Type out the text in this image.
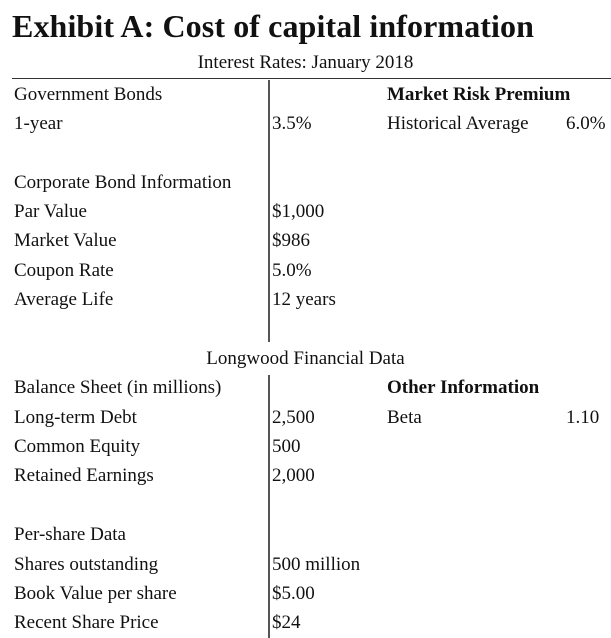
Exhibit A: Cost of capital information
Interest Rates: January 2018
Government Bonds	Market Risk Premium
1-year	3.5%	Historical Average 6.0%
Corporate Bond Information
Par Value	$1,000
Market Value	$986
Coupon Rate	5.0%
Average Life	12 years
Longwood Financial Data
Balance Sheet (in millions)	Other Information
Long-term Debt	2,500	Beta	1.10
Common Equity	500
Retained Earnings	2,000
Per-share Data
Shares outstanding	500 million
Book Value per share	$5.00
Recent Share Price	$24
